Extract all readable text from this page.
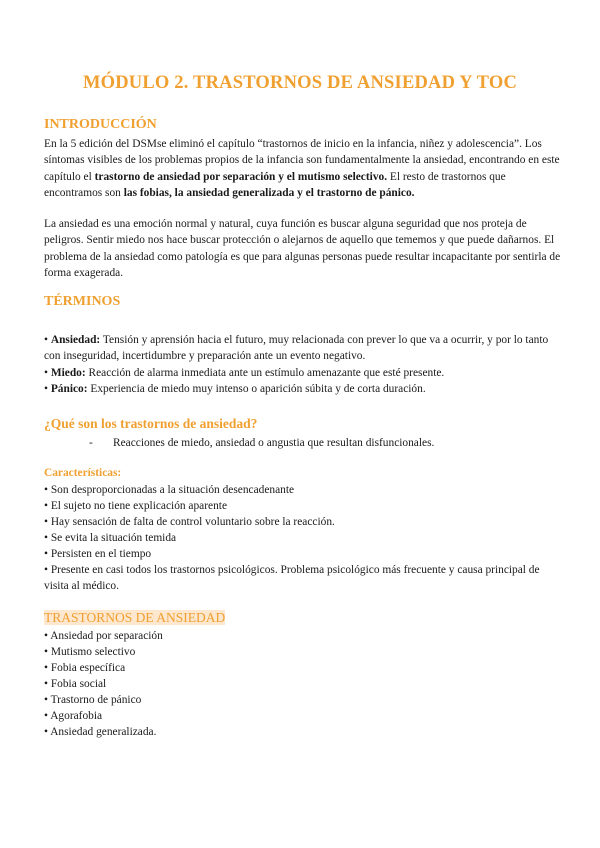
MÓDULO 2. TRASTORNOS DE ANSIEDAD Y TOC
INTRODUCCIÓN

En la 5 edición del DSMse eliminó el capítulo “trastornos de inicio en la infancia, niñez y adolescencia”. Los síntomas visibles de los problemas propios de la infancia son fundamentalmente la ansiedad, encontrando en este capítulo el trastorno de ansiedad por separación y el mutismo selectivo. El resto de trastornos que encontramos son las fobias, la ansiedad generalizada y el trastorno de pánico.

La ansiedad es una emoción normal y natural, cuya función es buscar alguna seguridad que nos proteja de peligros. Sentir miedo nos hace buscar protección o alejarnos de aquello que tememos y que puede dañarnos. El problema de la ansiedad como patología es que para algunas personas puede resultar incapacitante por sentirla de forma exagerada.

TÉRMINOS

• Ansiedad: Tensión y aprensión hacia el futuro, muy relacionada con prever lo que va a ocurrir, y por lo tanto con inseguridad, incertidumbre y preparación ante un evento negativo.

• Miedo: Reacción de alarma inmediata ante un estímulo amenazante que esté presente.

• Pánico: Experiencia de miedo muy intenso o aparición súbita y de corta duración.

¿Qué son los trastornos de ansiedad?

- Reacciones de miedo, ansiedad o angustia que resultan disfuncionales.

Características:
• Son desproporcionadas a la situación desencadenante
• El sujeto no tiene explicación aparente
• Hay sensación de falta de control voluntario sobre la reacción.
• Se evita la situación temida
• Persisten en el tiempo
• Presente en casi todos los trastornos psicológicos. Problema psicológico más frecuente y causa principal de visita al médico.
TRASTORNOS DE ANSIEDAD
• Ansiedad por separación
• Mutismo selectivo
• Fobia específica
• Fobia social
• Trastorno de pánico
• Agorafobia
• Ansiedad generalizada.
